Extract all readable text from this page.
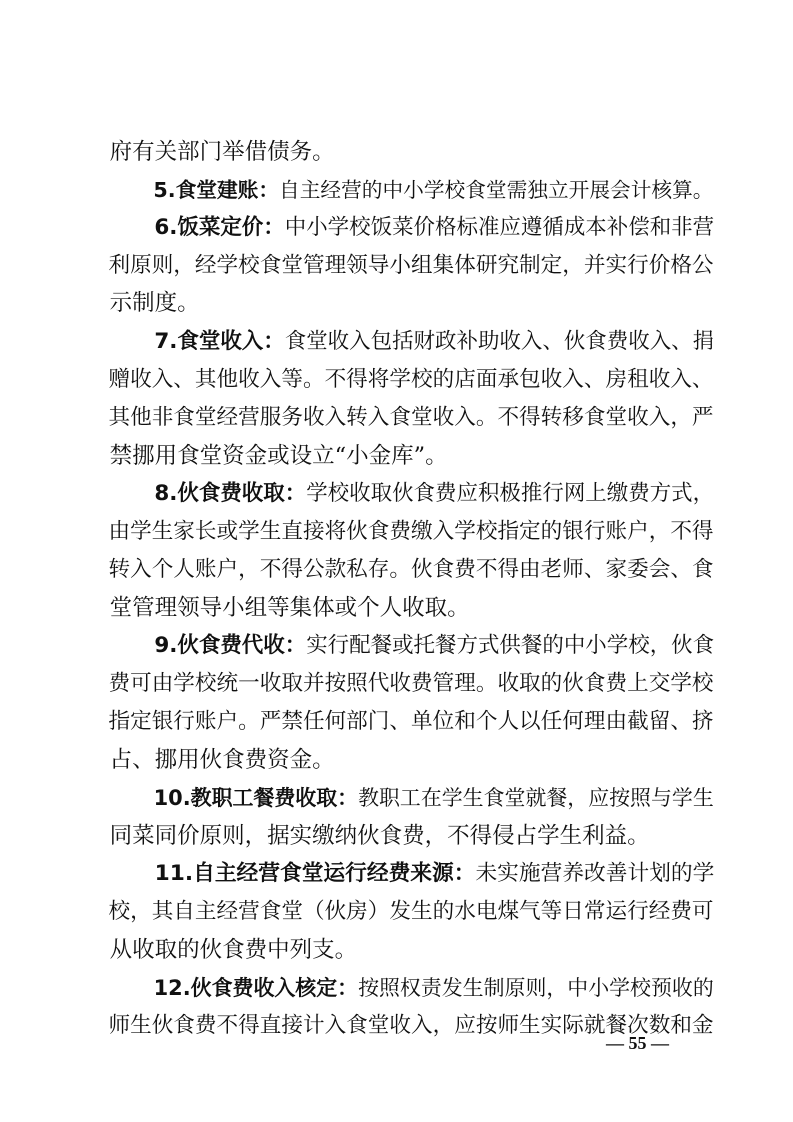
府有关部门举借债务。

5.食堂建账：自主经营的中小学校食堂需独立开展会计核算。

6.饭菜定价：中小学校饭菜价格标准应遵循成本补偿和非营

利原则，经学校食堂管理领导小组集体研究制定，并实行价格公

示制度。

7.食堂收入：食堂收入包括财政补助收入、伙食费收入、捐

赠收入、其他收入等。不得将学校的店面承包收入、房租收入、

其他非食堂经营服务收入转入食堂收入。不得转移食堂收入，严

禁挪用食堂资金或设立“小金库”。

8.伙食费收取：学校收取伙食费应积极推行网上缴费方式，

由学生家长或学生直接将伙食费缴入学校指定的银行账户，不得

转入个人账户，不得公款私存。伙食费不得由老师、家委会、食

堂管理领导小组等集体或个人收取。

9.伙食费代收：实行配餐或托餐方式供餐的中小学校，伙食

费可由学校统一收取并按照代收费管理。收取的伙食费上交学校

指定银行账户。严禁任何部门、单位和个人以任何理由截留、挤

占、挪用伙食费资金。

10.教职工餐费收取：教职工在学生食堂就餐，应按照与学生

同菜同价原则，据实缴纳伙食费，不得侵占学生利益。

11.自主经营食堂运行经费来源：未实施营养改善计划的学

校，其自主经营食堂（伙房）发生的水电煤气等日常运行经费可

从收取的伙食费中列支。

12.伙食费收入核定：按照权责发生制原则，中小学校预收的

师生伙食费不得直接计入食堂收入，应按师生实际就餐次数和金

— 55 —
